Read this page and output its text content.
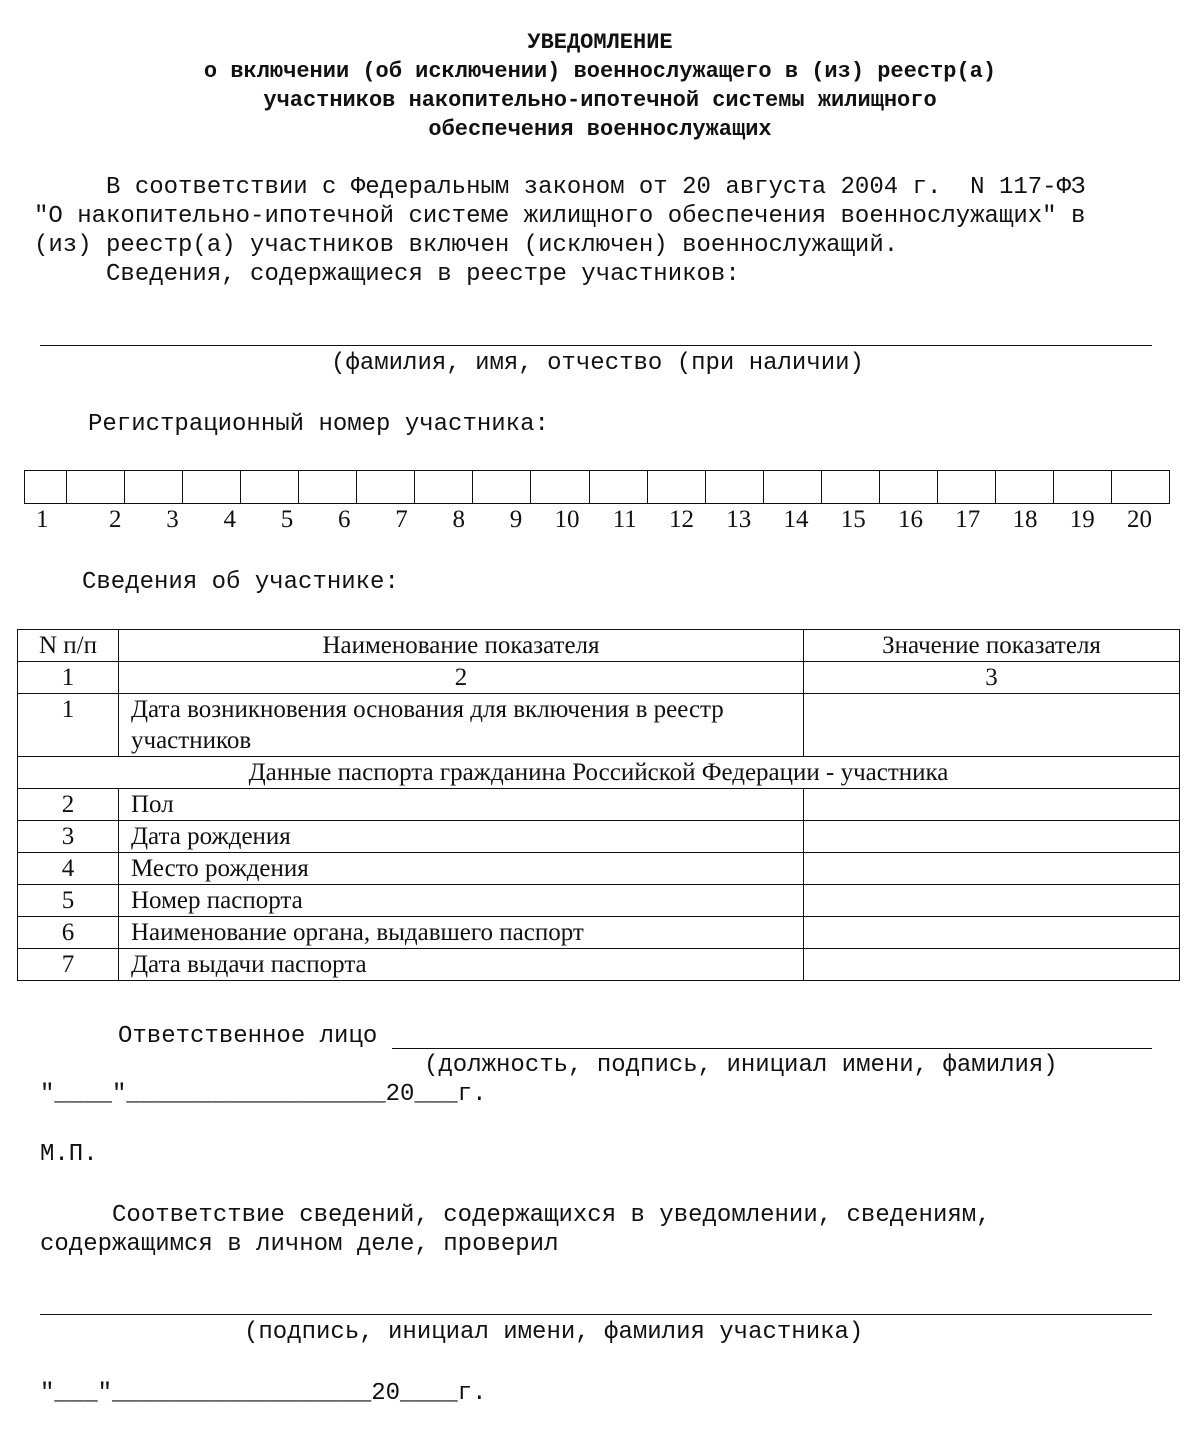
УВЕДОМЛЕНИЕ
о включении (об исключении) военнослужащего в (из) реестр(а)
участников накопительно-ипотечной системы жилищного
обеспечения военнослужащих
В соответствии с Федеральным законом от 20 августа 2004 г.  N 117-ФЗ
"О накопительно-ипотечной системе жилищного обеспечения военнослужащих" в
(из) реестр(а) участников включен (исключен) военнослужащий.
Сведения, содержащиеся в реестре участников:
(фамилия, имя, отчество (при наличии)
Регистрационный номер участника:
1	2	3	4	5	6	7	8	9	10	11	12	13	14	15	16	17	18	19	20
Сведения об участнике:
N п/п	Наименование показателя	Значение показателя
1	2	3
1	Дата возникновения основания для включения в реестр
участников	
Данные паспорта гражданина Российской Федерации - участника		
2	Пол	
3	Дата рождения	
4	Место рождения	
5	Номер паспорта	
6	Наименование органа, выдавшего паспорт	
7	Дата выдачи паспорта	
Ответственное лицо
(должность, подпись, инициал имени, фамилия)
"____"__________________20___г.
М.П.
Соответствие сведений, содержащихся в уведомлении, сведениям,
содержащимся в личном деле, проверил
(подпись, инициал имени, фамилия участника)
"___"__________________20____г.
